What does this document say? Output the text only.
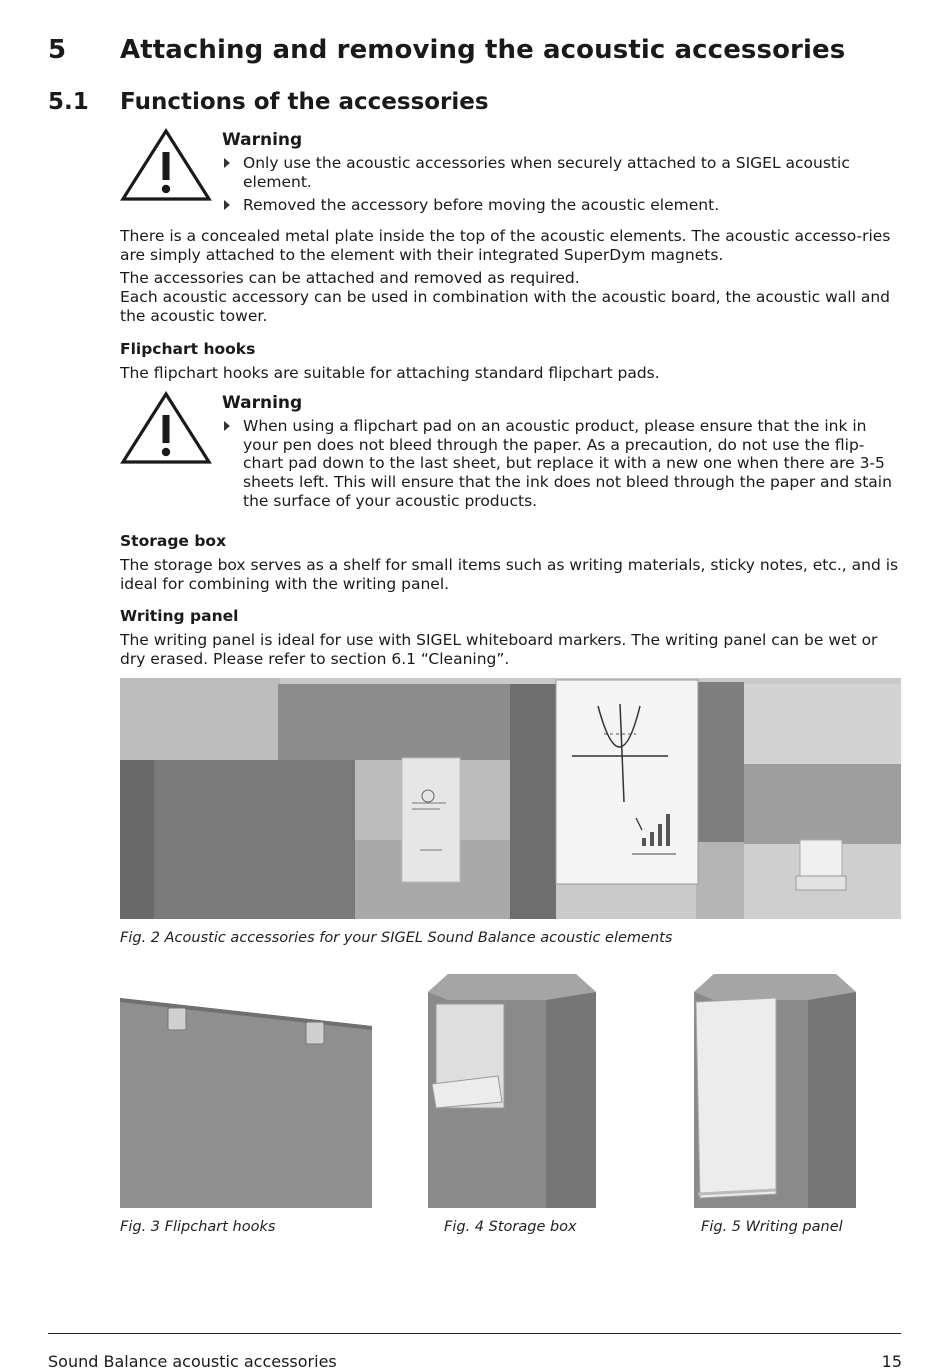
5 Attaching and removing the acoustic accessories
5.1 Functions of the accessories
Warning
Only use the acoustic accessories when securely attached to a SIGEL acoustic element.
Removed the accessory before moving the acoustic element.
There is a concealed metal plate inside the top of the acoustic elements. The acoustic accesso-ries are simply attached to the element with their integrated SuperDym magnets.
The accessories can be attached and removed as required.
Each acoustic accessory can be used in combination with the acoustic board, the acoustic wall and the acoustic tower.
Flipchart hooks
The flipchart hooks are suitable for attaching standard flipchart pads.
Warning
When using a flipchart pad on an acoustic product, please ensure that the ink in your pen does not bleed through the paper. As a precaution, do not use the flip-chart pad down to the last sheet, but replace it with a new one when there are 3-5 sheets left. This will ensure that the ink does not bleed through the paper and stain the surface of your acoustic products.
Storage box
The storage box serves as a shelf for small items such as writing materials, sticky notes, etc., and is ideal for combining with the writing panel.
Writing panel
The writing panel is ideal for use with SIGEL whiteboard markers. The writing panel can be wet or dry erased. Please refer to section 6.1 “Cleaning”.
Fig. 2 Acoustic accessories for your SIGEL Sound Balance acoustic elements
Fig. 3 Flipchart hooks	Fig. 4 Storage box	Fig. 5 Writing panel
Sound Balance acoustic accessories	15
